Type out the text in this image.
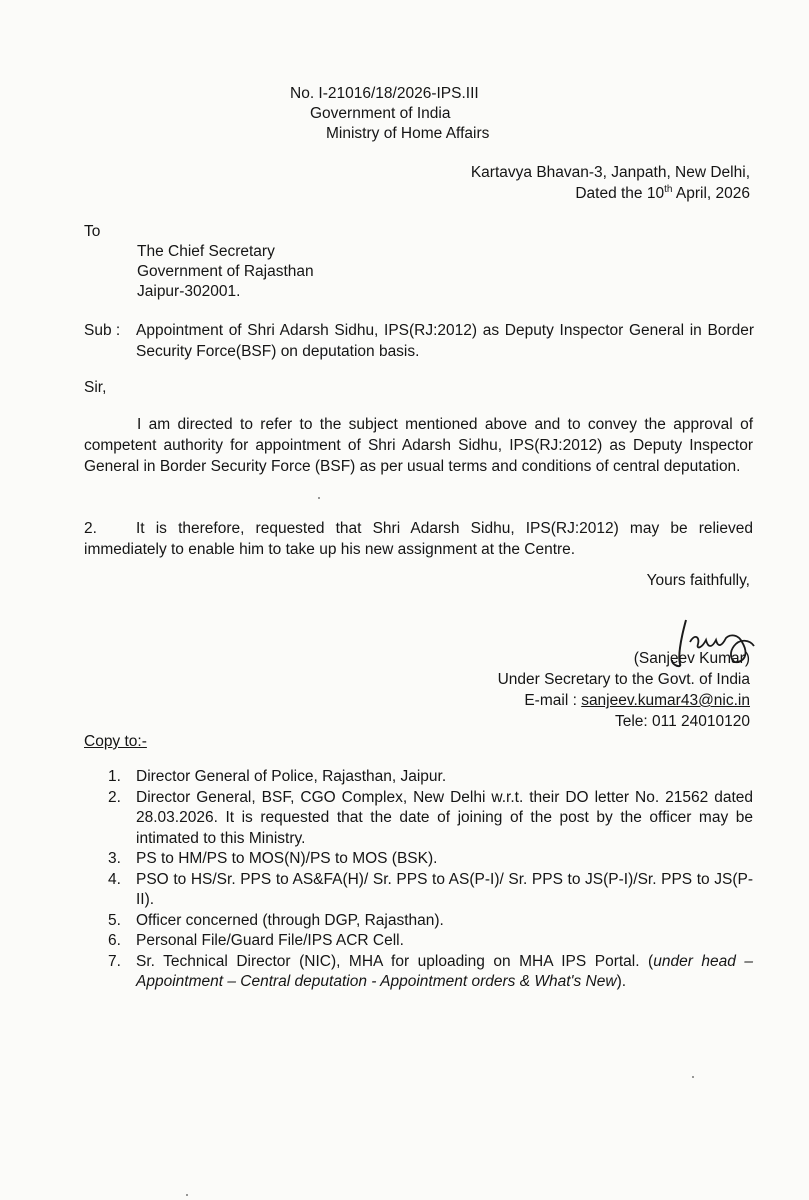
No. I-21016/18/2026-IPS.III
Government of India
Ministry of Home Affairs
Kartavya Bhavan-3, Janpath, New Delhi,
Dated the 10th April, 2026
To
The Chief Secretary
Government of Rajasthan
Jaipur-302001.
Sub :	Appointment of Shri Adarsh Sidhu, IPS(RJ:2012) as Deputy Inspector General in Border Security Force(BSF) on deputation basis.
Sir,
I am directed to refer to the subject mentioned above and to convey the approval of competent authority for appointment of Shri Adarsh Sidhu, IPS(RJ:2012) as Deputy Inspector General in Border Security Force (BSF) as per usual terms and conditions of central deputation.
2.	It is therefore, requested that Shri Adarsh Sidhu, IPS(RJ:2012) may be relieved immediately to enable him to take up his new assignment at the Centre.
Yours faithfully,
(Sanjeev Kumar)
Under Secretary to the Govt. of India
E-mail : sanjeev.kumar43@nic.in
Tele: 011 24010120
Copy to:-
1. Director General of Police, Rajasthan, Jaipur.
2. Director General, BSF, CGO Complex, New Delhi w.r.t. their DO letter No. 21562 dated 28.03.2026. It is requested that the date of joining of the post by the officer may be intimated to this Ministry.
3. PS to HM/PS to MOS(N)/PS to MOS (BSK).
4. PSO to HS/Sr. PPS to AS&FA(H)/ Sr. PPS to AS(P-I)/ Sr. PPS to JS(P-I)/Sr. PPS to JS(P-II).
5. Officer concerned (through DGP, Rajasthan).
6. Personal File/Guard File/IPS ACR Cell.
7. Sr. Technical Director (NIC), MHA for uploading on MHA IPS Portal. (under head – Appointment – Central deputation - Appointment orders & What's New).
